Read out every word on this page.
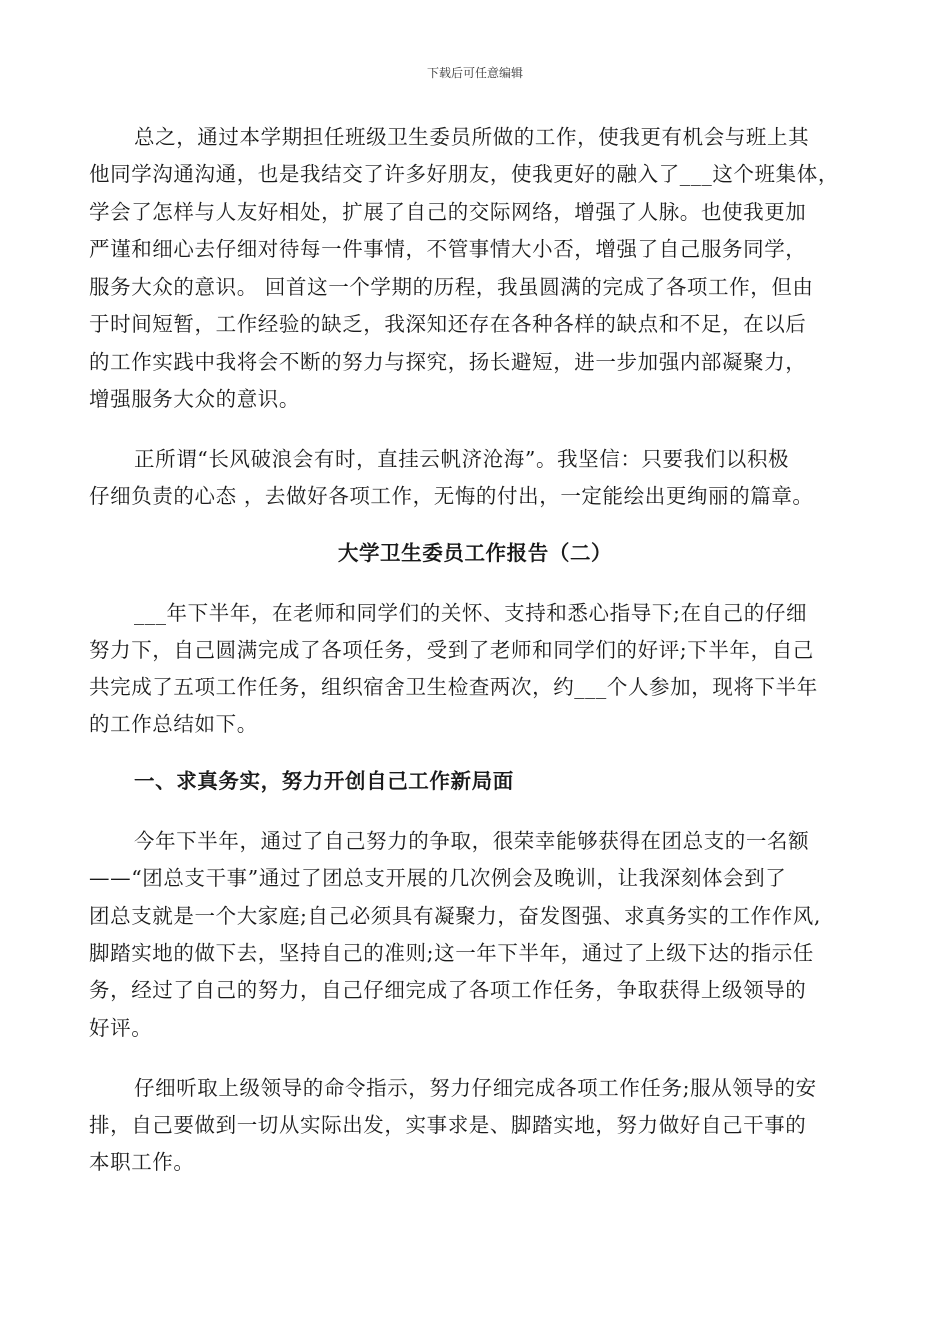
下载后可任意编辑
总之，通过本学期担任班级卫生委员所做的工作，使我更有机会与班上其
他同学沟通沟通，也是我结交了许多好朋友，使我更好的融入了___这个班集体，
学会了怎样与人友好相处，扩展了自己的交际网络，增强了人脉。也使我更加
严谨和细心去仔细对待每一件事情，不管事情大小否，增强了自己服务同学，
服务大众的意识。 回首这一个学期的历程，我虽圆满的完成了各项工作，但由
于时间短暂，工作经验的缺乏，我深知还存在各种各样的缺点和不足，在以后
的工作实践中我将会不断的努力与探究，扬长避短，进一步加强内部凝聚力，
增强服务大众的意识。
正所谓“长风破浪会有时，直挂云帆济沧海”。我坚信：只要我们以积极
仔细负责的心态 ，去做好各项工作，无悔的付出，一定能绘出更绚丽的篇章。
大学卫生委员工作报告（二）
___年下半年，在老师和同学们的关怀、支持和悉心指导下;在自己的仔细
努力下，自己圆满完成了各项任务，受到了老师和同学们的好评;下半年，自己
共完成了五项工作任务，组织宿舍卫生检查两次，约___个人参加，现将下半年
的工作总结如下。
一、求真务实，努力开创自己工作新局面
今年下半年，通过了自己努力的争取，很荣幸能够获得在团总支的一名额
——“团总支干事”通过了团总支开展的几次例会及晚训，让我深刻体会到了
团总支就是一个大家庭;自己必须具有凝聚力，奋发图强、求真务实的工作作风,
脚踏实地的做下去，坚持自己的准则;这一年下半年，通过了上级下达的指示任
务，经过了自己的努力，自己仔细完成了各项工作任务，争取获得上级领导的
好评。
仔细听取上级领导的命令指示，努力仔细完成各项工作任务;服从领导的安
排，自己要做到一切从实际出发，实事求是、脚踏实地，努力做好自己干事的
本职工作。
